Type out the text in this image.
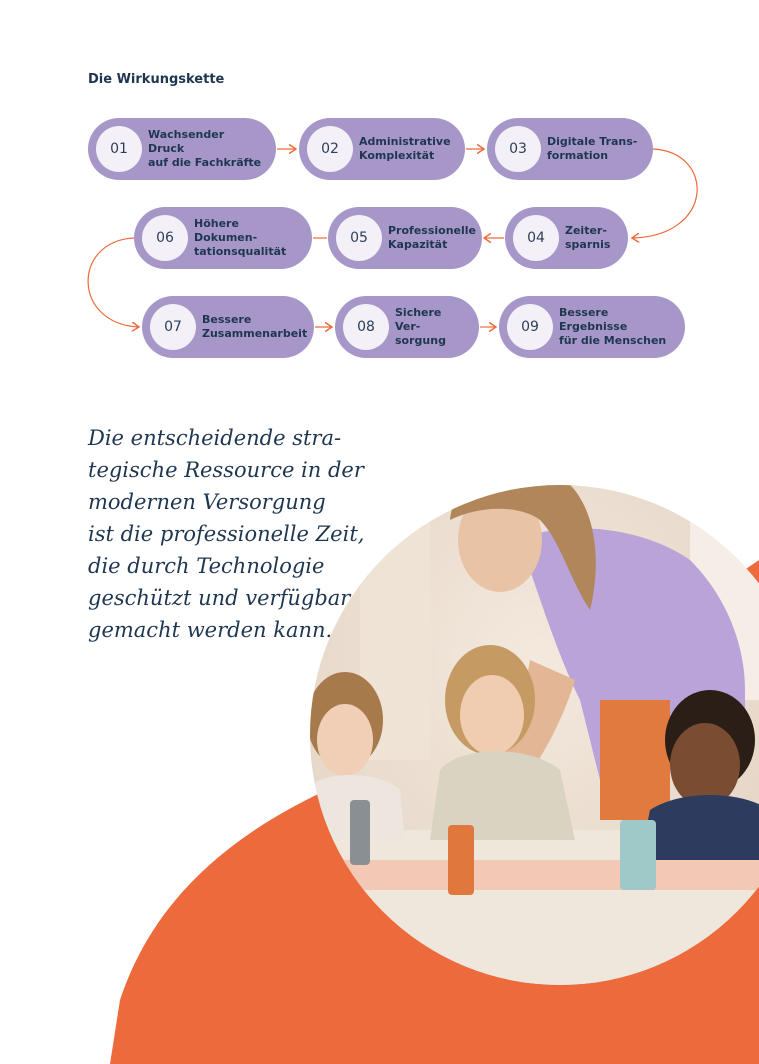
Die Wirkungskette
01
Wachsender Druck
auf die Fachkräfte
02	Administrative
Komplexität	03	Digitale Trans-
formation
04	Zeiter-
sparnis
05	Professionelle
Kapazität
06
Höhere Dokumen-
tationsqualität
07	Bessere
Zusammenarbeit	08
Sichere Ver-
sorgung
09
Bessere Ergebnisse
für die Menschen
Die entscheidende stra-
tegische Ressource in der
modernen Versorgung
ist die professionelle Zeit,
die durch Technologie
geschützt und verfügbar
gemacht werden kann.
